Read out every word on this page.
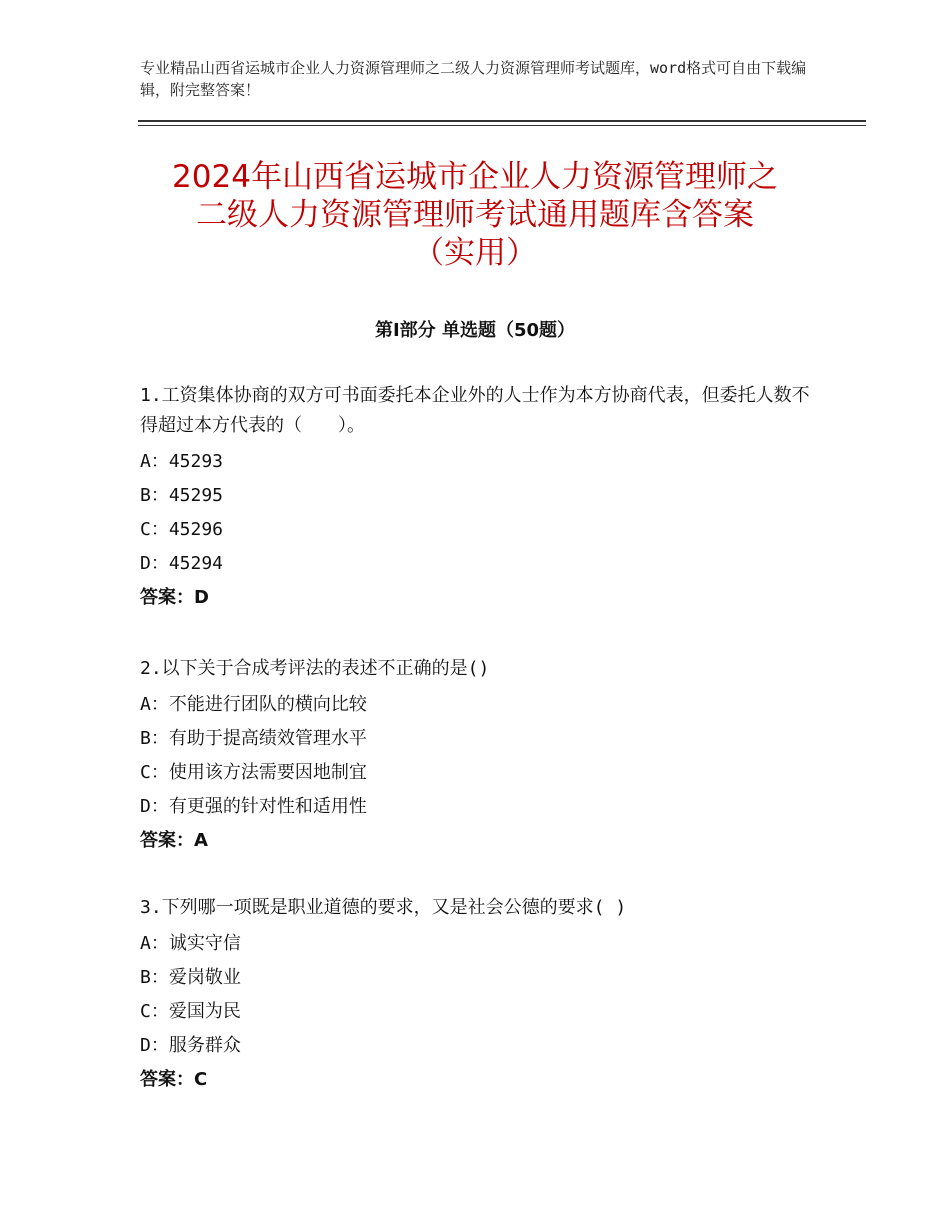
专业精品山西省运城市企业人力资源管理师之二级人力资源管理师考试题库，word格式可自由下载编辑，附完整答案！
2024年山西省运城市企业人力资源管理师之
二级人力资源管理师考试通用题库含答案
（实用）
第Ⅰ部分 单选题（50题）

1.工资集体协商的双方可书面委托本企业外的人士作为本方协商代表，但委托人数不得超过本方代表的（　　）。

A：45293

B：45295

C：45296

D：45294

答案：D

2.以下关于合成考评法的表述不正确的是()

A：不能进行团队的横向比较

B：有助于提高绩效管理水平

C：使用该方法需要因地制宜

D：有更强的针对性和适用性

答案：A

3.下列哪一项既是职业道德的要求，又是社会公德的要求( )

A：诚实守信

B：爱岗敬业

C：爱国为民

D：服务群众

答案：C
